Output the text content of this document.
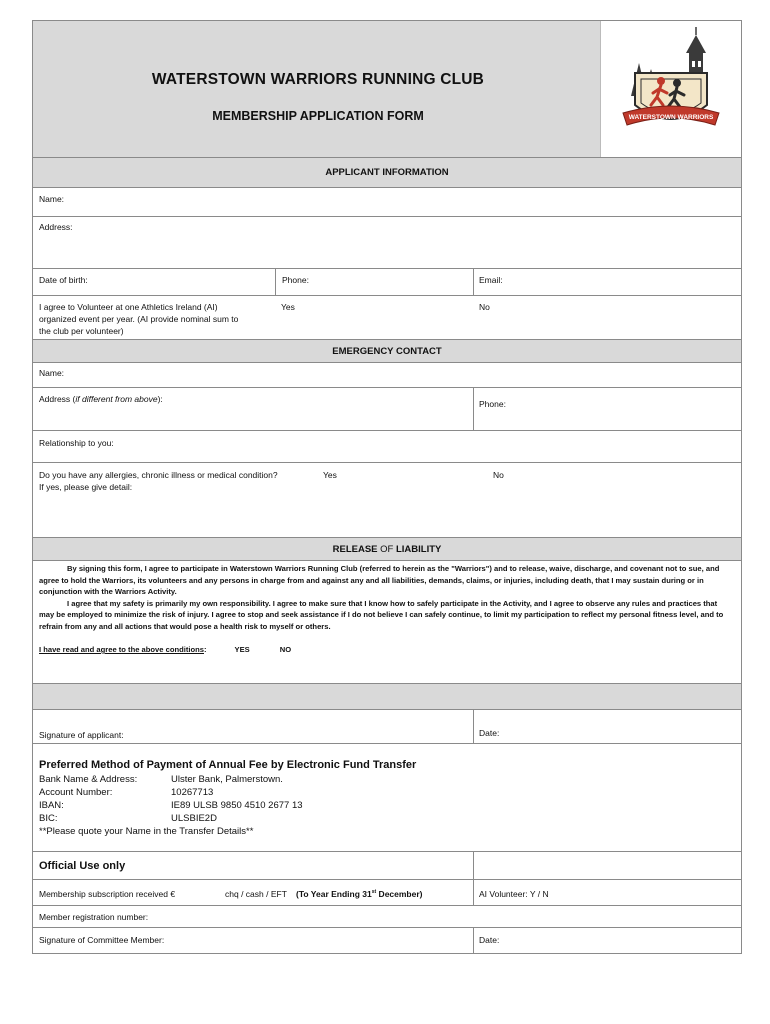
WATERSTOWN WARRIORS RUNNING CLUB
MEMBERSHIP APPLICATION FORM	WATERSTOWN WARRIORS
APPLICANT INFORMATION
Name:
Address:
Date of birth:	Phone:	Email:
I agree to Volunteer at one Athletics Ireland (AI)
organized event per year. (AI provide nominal sum to
the club per volunteer)
Yes	No
EMERGENCY CONTACT
Name:
Address (if different from above):	Phone:
Relationship to you:
Do you have any allergies, chronic illness or medical condition?
If yes, please give detail:
Yes	No
RELEASE OF LIABILITY

By signing this form, I agree to participate in Waterstown Warriors Running Club (referred to herein as the "Warriors") and to release, waive, discharge, and covenant not to sue, and agree to hold the Warriors, its volunteers and any persons in charge from and against any and all liabilities, demands, claims, or injuries, including death, that I may sustain during or in conjunction with the Warriors Activity.

I agree that my safety is primarily my own responsibility. I agree to make sure that I know how to safely participate in the Activity, and I agree to observe any rules and practices that may be employed to minimize the risk of injury. I agree to stop and seek assistance if I do not believe I can safely continue, to limit my participation to reflect my personal fitness level, and to refrain from any and all actions that would pose a health risk to myself or others.

I have read and agree to the above conditions:	YES	NO

Signature of applicant:	Date:
Preferred Method of Payment of Annual Fee by Electronic Fund Transfer
Bank Name & Address:	Ulster Bank, Palmerstown.
Account Number:	10267713
IBAN:	IE89 ULSB 9850 4510 2677 13
BIC:	ULSBIE2D
**Please quote your Name in the Transfer Details**
Official Use only
Membership subscription received €	chq / cash / EFT (To Year Ending 31st December)	AI Volunteer: Y / N
Member registration number:
Signature of Committee Member:	Date:
